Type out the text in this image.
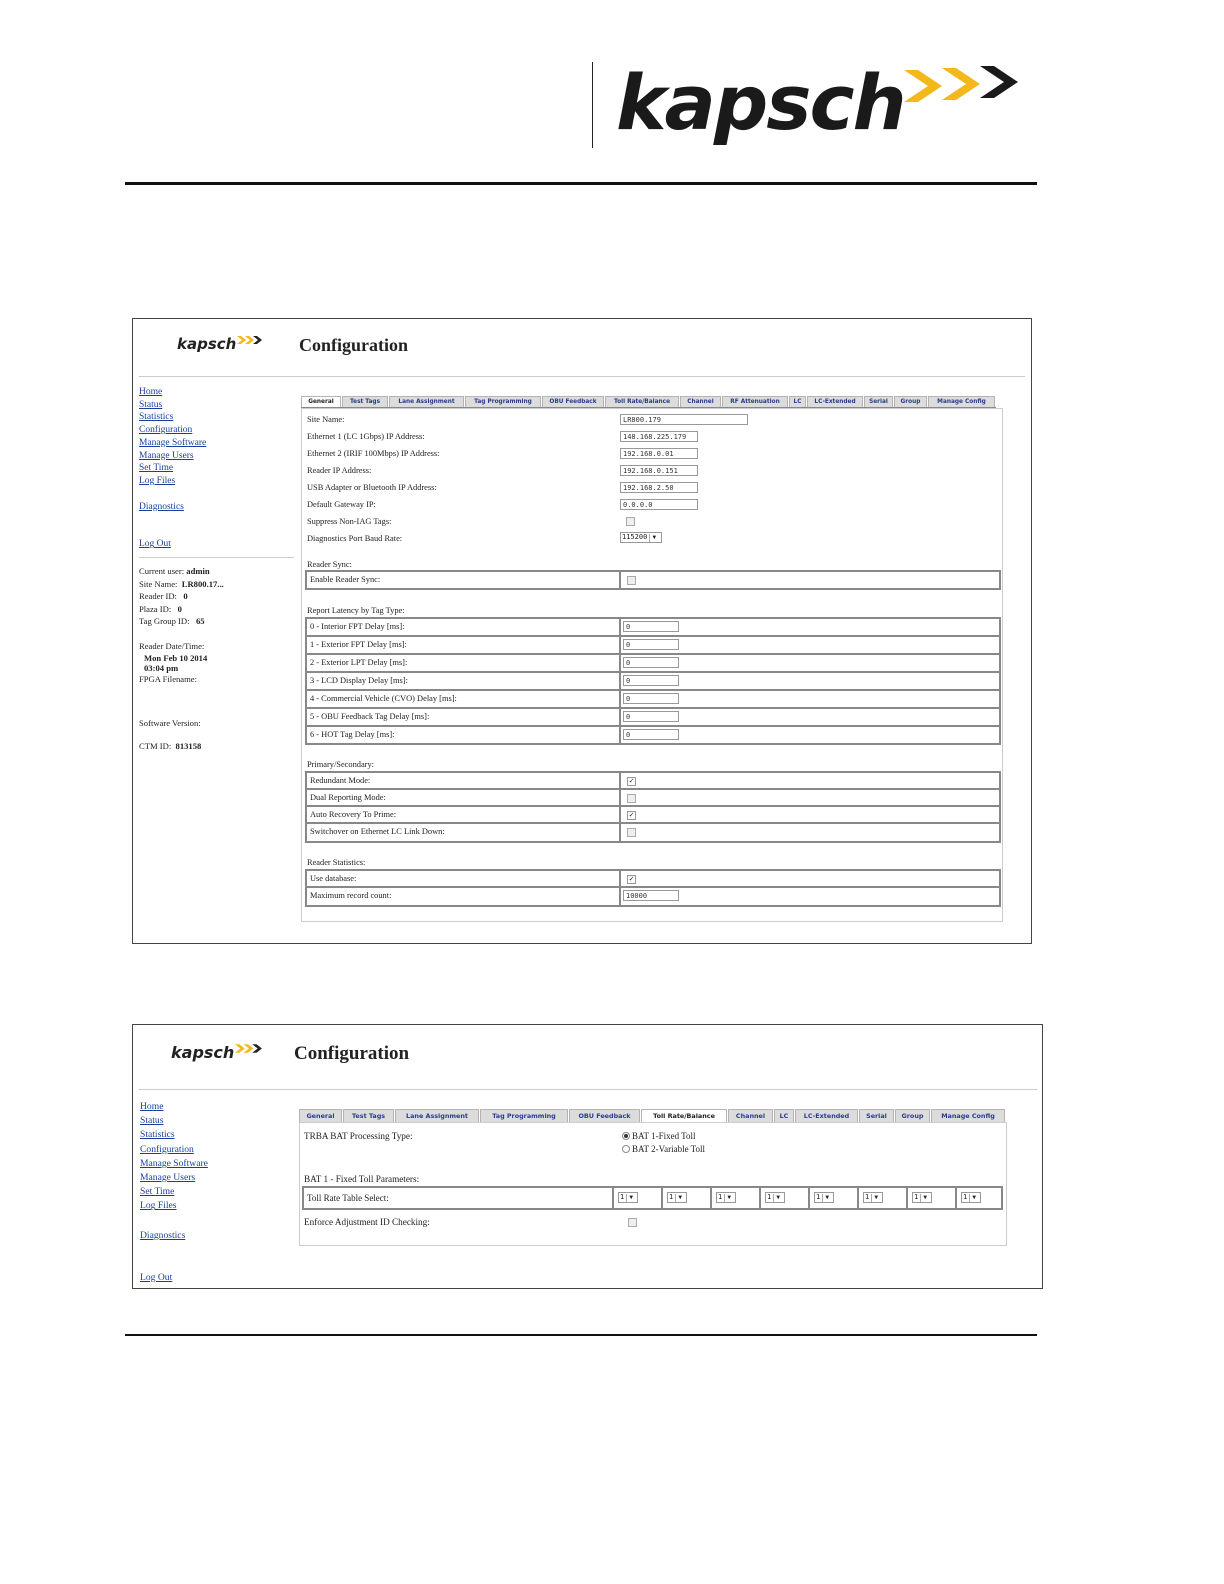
kapsch
kapsch	Configuration
Home
Status
Statistics
Configuration
Manage Software
Manage Users
Set Time
Log Files
Diagnostics
Log Out
Current user: admin
Site Name: LR800.17...
Reader ID: 0
Plaza ID: 0
Tag Group ID: 65
Reader Date/Time:
Mon Feb 10 2014
03:04 pm
FPGA Filename:
Software Version:
CTM ID: 813158
General	Test Tags	Lane Assignment	Tag Programming	OBU Feedback	Toll Rate/Balance	Channel	RF Attenuation	LC	LC-Extended	Serial	Group	Manage Config
Site Name:	LR800.179
Ethernet 1 (LC 1Gbps) IP Address:	148.168.225.179
Ethernet 2 (IRIF 100Mbps) IP Address:	192.168.0.01
Reader IP Address:	192.168.0.151
USB Adapter or Bluetooth IP Address:	192.168.2.50
Default Gateway IP:	0.0.0.0
Suppress Non-IAG Tags:
Diagnostics Port Baud Rate:	115200 ▼
Reader Sync:
Enable Reader Sync:
Report Latency by Tag Type:
0 - Interior FPT Delay [ms]:	0
1 - Exterior FPT Delay [ms]:	0
2 - Exterior LPT Delay [ms]:	0
3 - LCD Display Delay [ms]:	0
4 - Commercial Vehicle (CVO) Delay [ms]:	0
5 - OBU Feedback Tag Delay [ms]:	0
6 - HOT Tag Delay [ms]:	0
Primary/Secondary:
Redundant Mode:	✓
Dual Reporting Mode:
Auto Recovery To Prime:	✓
Switchover on Ethernet LC Link Down:
Reader Statistics:
Use database:	✓
Maximum record count:	10000
kapsch	Configuration
Home
Status
Statistics
Configuration
Manage Software
Manage Users
Set Time
Log Files
Diagnostics
Log Out
General	Test Tags	Lane Assignment	Tag Programming	OBU Feedback	Toll Rate/Balance	Channel	LC	LC-Extended	Serial	Group	Manage Config
TRBA BAT Processing Type:	BAT 1-Fixed Toll
BAT 2-Variable Toll
BAT 1 - Fixed Toll Parameters:
Toll Rate Table Select:	1 ▼	1 ▼	1 ▼	1 ▼	1 ▼	1 ▼	1 ▼	1 ▼
Enforce Adjustment ID Checking:
